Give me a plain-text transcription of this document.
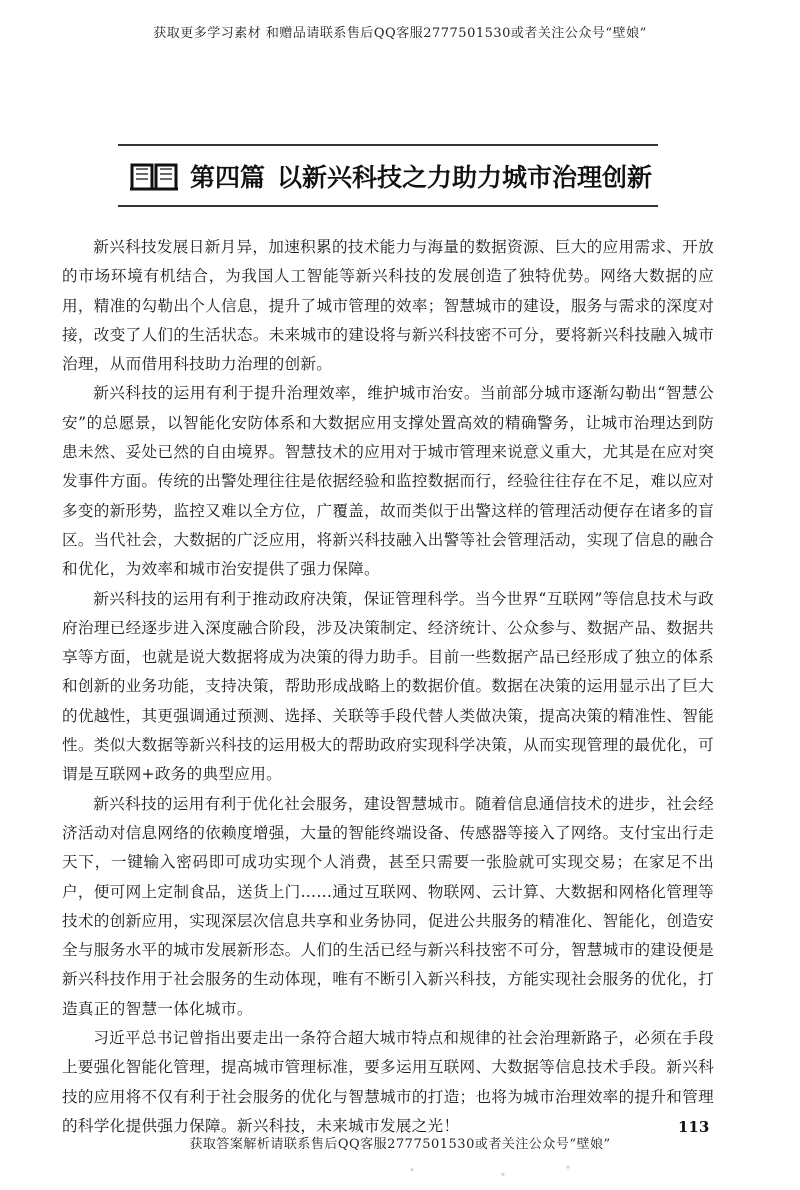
获取更多学习素材 和赠品请联系售后QQ客服2777501530或者关注公众号“壁娘”
第四篇 以新兴科技之力助力城市治理创新

新兴科技发展日新月异，加速积累的技术能力与海量的数据资源、巨大的应用需求、开放的市场环境有机结合，为我国人工智能等新兴科技的发展创造了独特优势。网络大数据的应用，精准的勾勒出个人信息，提升了城市管理的效率；智慧城市的建设，服务与需求的深度对接，改变了人们的生活状态。未来城市的建设将与新兴科技密不可分，要将新兴科技融入城市治理，从而借用科技助力治理的创新。

新兴科技的运用有利于提升治理效率，维护城市治安。当前部分城市逐渐勾勒出“智慧公安”的总愿景，以智能化安防体系和大数据应用支撑处置高效的精确警务，让城市治理达到防患未然、妥处已然的自由境界。智慧技术的应用对于城市管理来说意义重大，尤其是在应对突发事件方面。传统的出警处理往往是依据经验和监控数据而行，经验往往存在不足，难以应对多变的新形势，监控又难以全方位，广覆盖，故而类似于出警这样的管理活动便存在诸多的盲区。当代社会，大数据的广泛应用，将新兴科技融入出警等社会管理活动，实现了信息的融合和优化，为效率和城市治安提供了强力保障。

新兴科技的运用有利于推动政府决策，保证管理科学。当今世界“互联网”等信息技术与政府治理已经逐步进入深度融合阶段，涉及决策制定、经济统计、公众参与、数据产品、数据共享等方面，也就是说大数据将成为决策的得力助手。目前一些数据产品已经形成了独立的体系和创新的业务功能，支持决策，帮助形成战略上的数据价值。数据在决策的运用显示出了巨大的优越性，其更强调通过预测、选择、关联等手段代替人类做决策，提高决策的精准性、智能性。类似大数据等新兴科技的运用极大的帮助政府实现科学决策，从而实现管理的最优化，可谓是互联网+政务的典型应用。

新兴科技的运用有利于优化社会服务，建设智慧城市。随着信息通信技术的进步，社会经济活动对信息网络的依赖度增强，大量的智能终端设备、传感器等接入了网络。支付宝出行走天下，一键输入密码即可成功实现个人消费，甚至只需要一张脸就可实现交易；在家足不出户，便可网上定制食品，送货上门……通过互联网、物联网、云计算、大数据和网格化管理等技术的创新应用，实现深层次信息共享和业务协同，促进公共服务的精准化、智能化，创造安全与服务水平的城市发展新形态。人们的生活已经与新兴科技密不可分，智慧城市的建设便是新兴科技作用于社会服务的生动体现，唯有不断引入新兴科技，方能实现社会服务的优化，打造真正的智慧一体化城市。

习近平总书记曾指出要走出一条符合超大城市特点和规律的社会治理新路子，必须在手段上要强化智能化管理，提高城市管理标准，要多运用互联网、大数据等信息技术手段。新兴科技的应用将不仅有利于社会服务的优化与智慧城市的打造；也将为城市治理效率的提升和管理的科学化提供强力保障。新兴科技，未来城市发展之光！	113
获取答案解析请联系售后QQ客服2777501530或者关注公众号“壁娘”
